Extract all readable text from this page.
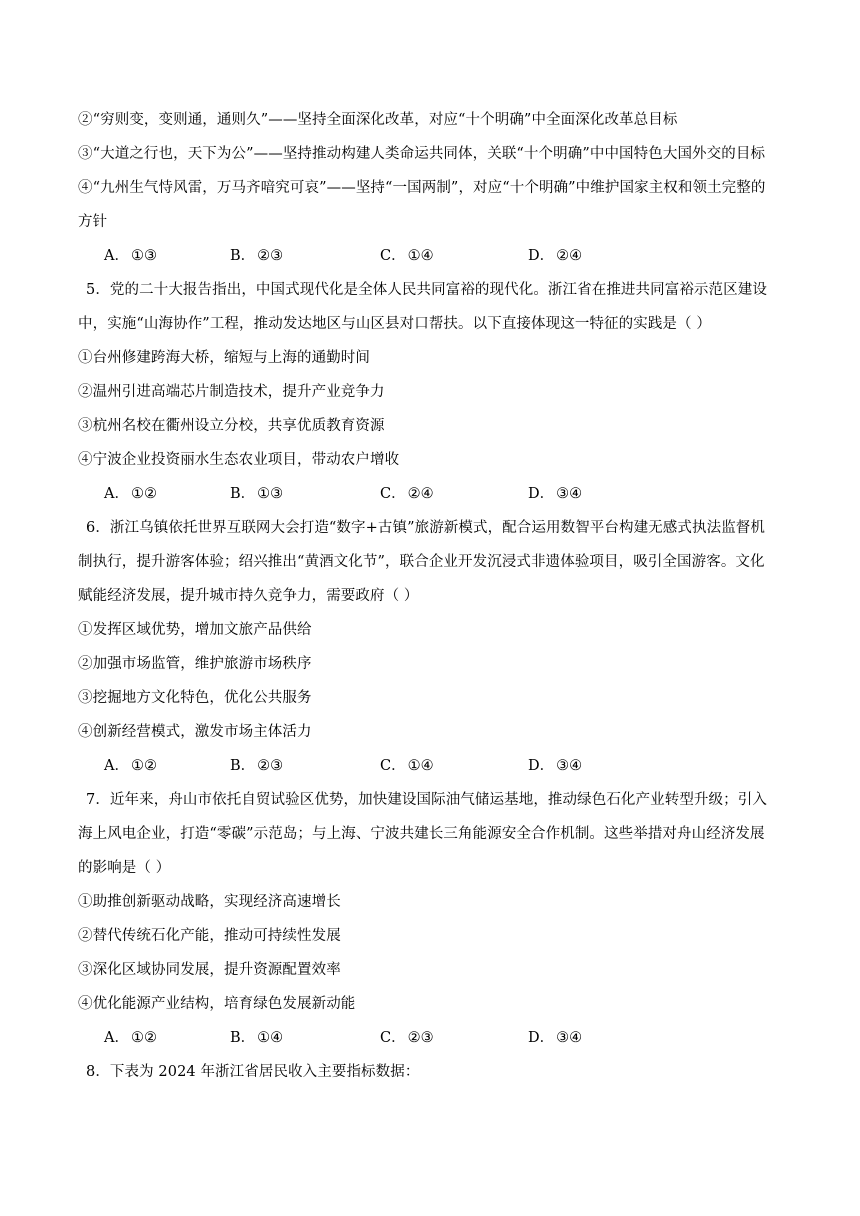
②“穷则变，变则通，通则久”——坚持全面深化改革，对应“十个明确”中全面深化改革总目标
③“大道之行也，天下为公”——坚持推动构建人类命运共同体，关联“十个明确”中中国特色大国外交的目标
④“九州生气恃风雷，万马齐喑究可哀”——坚持“一国两制”，对应“十个明确”中维护国家主权和领土完整的
方针
A． ①③	B． ②③	C． ①④	D． ②④
5．党的二十大报告指出，中国式现代化是全体人民共同富裕的现代化。浙江省在推进共同富裕示范区建设
中，实施“山海协作”工程，推动发达地区与山区县对口帮扶。以下直接体现这一特征的实践是（ ）
①台州修建跨海大桥，缩短与上海的通勤时间
②温州引进高端芯片制造技术，提升产业竞争力
③杭州名校在衢州设立分校，共享优质教育资源
④宁波企业投资丽水生态农业项目，带动农户增收
A． ①②	B． ①③	C． ②④	D． ③④
6．浙江乌镇依托世界互联网大会打造“数字+古镇”旅游新模式，配合运用数智平台构建无感式执法监督机
制执行，提升游客体验；绍兴推出“黄酒文化节”，联合企业开发沉浸式非遗体验项目，吸引全国游客。文化
赋能经济发展，提升城市持久竞争力，需要政府（ ）
①发挥区域优势，增加文旅产品供给
②加强市场监管，维护旅游市场秩序
③挖掘地方文化特色，优化公共服务
④创新经营模式，激发市场主体活力
A． ①②	B． ②③	C． ①④	D． ③④
7．近年来，舟山市依托自贸试验区优势，加快建设国际油气储运基地，推动绿色石化产业转型升级；引入
海上风电企业，打造“零碳”示范岛；与上海、宁波共建长三角能源安全合作机制。这些举措对舟山经济发展
的影响是（ ）
①助推创新驱动战略，实现经济高速增长
②替代传统石化产能，推动可持续性发展
③深化区域协同发展，提升资源配置效率
④优化能源产业结构，培育绿色发展新动能
A． ①②	B． ①④	C． ②③	D． ③④
8．下表为 2024 年浙江省居民收入主要指标数据：
